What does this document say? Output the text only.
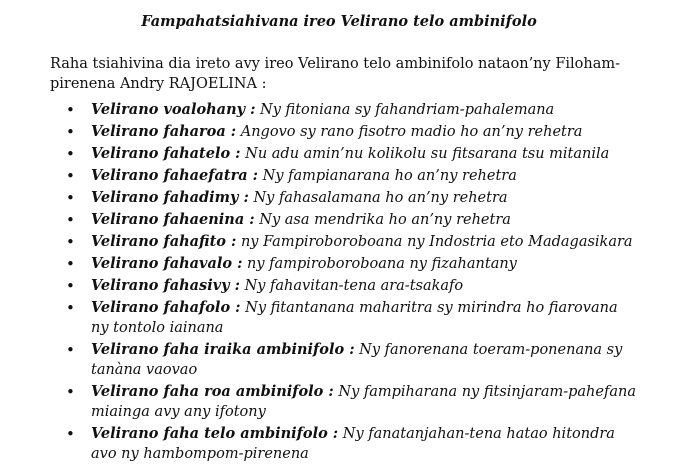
Fampahatsiahivana ireo Velirano telo ambinifolo
Raha tsiahivina dia ireto avy ireo Velirano telo ambinifolo nataon’ny Filoham-pirenena Andry RAJOELINA :
• Velirano voalohany : Ny fitoniana sy fahandriam-pahalemana
• Velirano faharoa : Angovo sy rano fisotro madio ho an’ny rehetra
• Velirano fahatelo : Nu adu amin’nu kolikolu su fitsarana tsu mitanila
• Velirano fahaefatra : Ny fampianarana ho an’ny rehetra
• Velirano fahadimy : Ny fahasalamana ho an’ny rehetra
• Velirano fahaenina : Ny asa mendrika ho an’ny rehetra
• Velirano fahafito : ny Fampiroboroboana ny Indostria eto Madagasikara
• Velirano fahavalo : ny fampiroboroboana ny fizahantany
• Velirano fahasivy : Ny fahavitan-tena ara-tsakafo
• Velirano fahafolo : Ny fitantanana maharitra sy mirindra ho fiarovana ny tontolo iainana
• Velirano faha iraika ambinifolo : Ny fanorenana toeram-ponenana sy tanàna vaovao
• Velirano faha roa ambinifolo : Ny fampiharana ny fitsinjaram-pahefana miainga avy any ifotony
• Velirano faha telo ambinifolo : Ny fanatanjahan-tena hatao hitondra avo ny hambompom-pirenena
